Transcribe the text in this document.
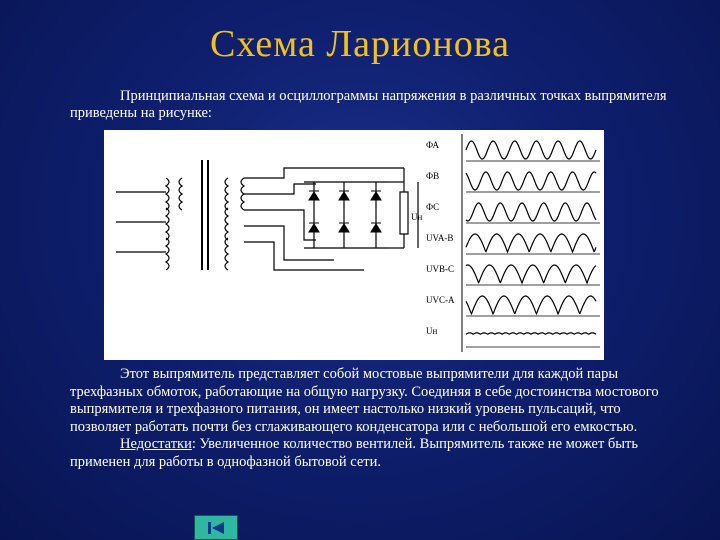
Схема Ларионова

Принципиальная схема и осциллограммы напряжения в различных точках выпрямителя приведены на рисунке:

Uн
ФА
ФВ
ФС
UVA-B
UVB-C
UVC-A
Uн

Этот выпрямитель представляет собой мостовые выпрямители для каждой пары трехфазных обмоток, работающие на общую нагрузку. Соединяя в себе достоинства мостового выпрямителя и трехфазного питания, он имеет настолько низкий уровень пульсаций, что позволяет работать почти без сглаживающего конденсатора или с небольшой его емкостью.

Недостатки: Увеличенное количество вентилей. Выпрямитель также не может быть применен для работы в однофазной бытовой сети.
